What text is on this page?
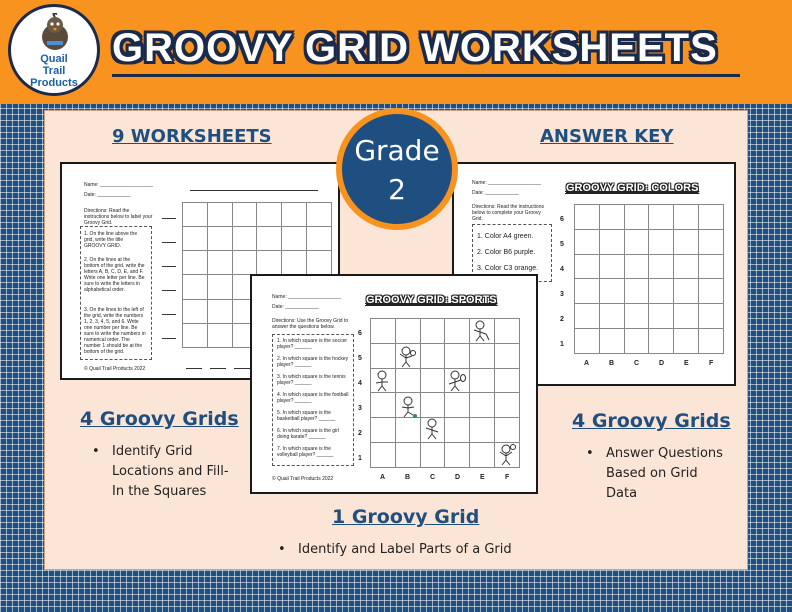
Quail
Trail
Products
GROOVY GRID WORKSHEETS
9 WORKSHEETS	ANSWER KEY
Name: ___________________
Date: ____________
Directions: Read the instructions below to label your Groovy Grid.
1. On the line above the grid, write the title GROOVY GRID.
2. On the lines at the bottom of the grid, write the letters A, B, C, D, E, and F. Write one letter per line. Be sure to write the letters in alphabetical order.
3. On the lines to the left of the grid, write the numbers 1, 2, 3, 4, 5, and 6. Write one number per line. Be sure to write the numbers in numerical order. The number 1 should be at the bottom of the grid.
© Quail Trail Products 2022

Name: ___________________
Date: ____________
Directions: Read the instructions below to complete your Groovy Grid.
GROOVY GRID: COLORS
1. Color A4 green.
2. Color B6 purple.
3. Color C3 orange.

6
5
4
3
2
1
A	B	C	D	E	F
Name: ___________________
Date: ____________
Directions: Use the Groovy Grid to answer the questions below.
GROOVY GRID: SPORTS
1. In which square is the soccer player? ______
2. In which square is the hockey player? ______
3. In which square is the tennis player? ______
4. In which square is the football player? ______
5. In which square is the basketball player? ______
6. In which square is the girl doing karate? ______
7. In which square is the volleyball player? ______
© Quail Trail Products 2022

6
5
4
3
2
1
A	B	C	D	E	F
Grade
2
4 Groovy Grids	4 Groovy Grids
1 Groovy Grid
• Identify Grid Locations and Fill-In the Squares
• Answer Questions Based on Grid Data
• Identify and Label Parts of a Grid
